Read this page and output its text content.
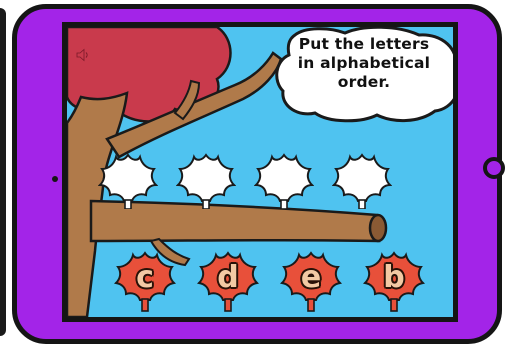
Put the letters
in alphabetical
order.
c	d	e	b
